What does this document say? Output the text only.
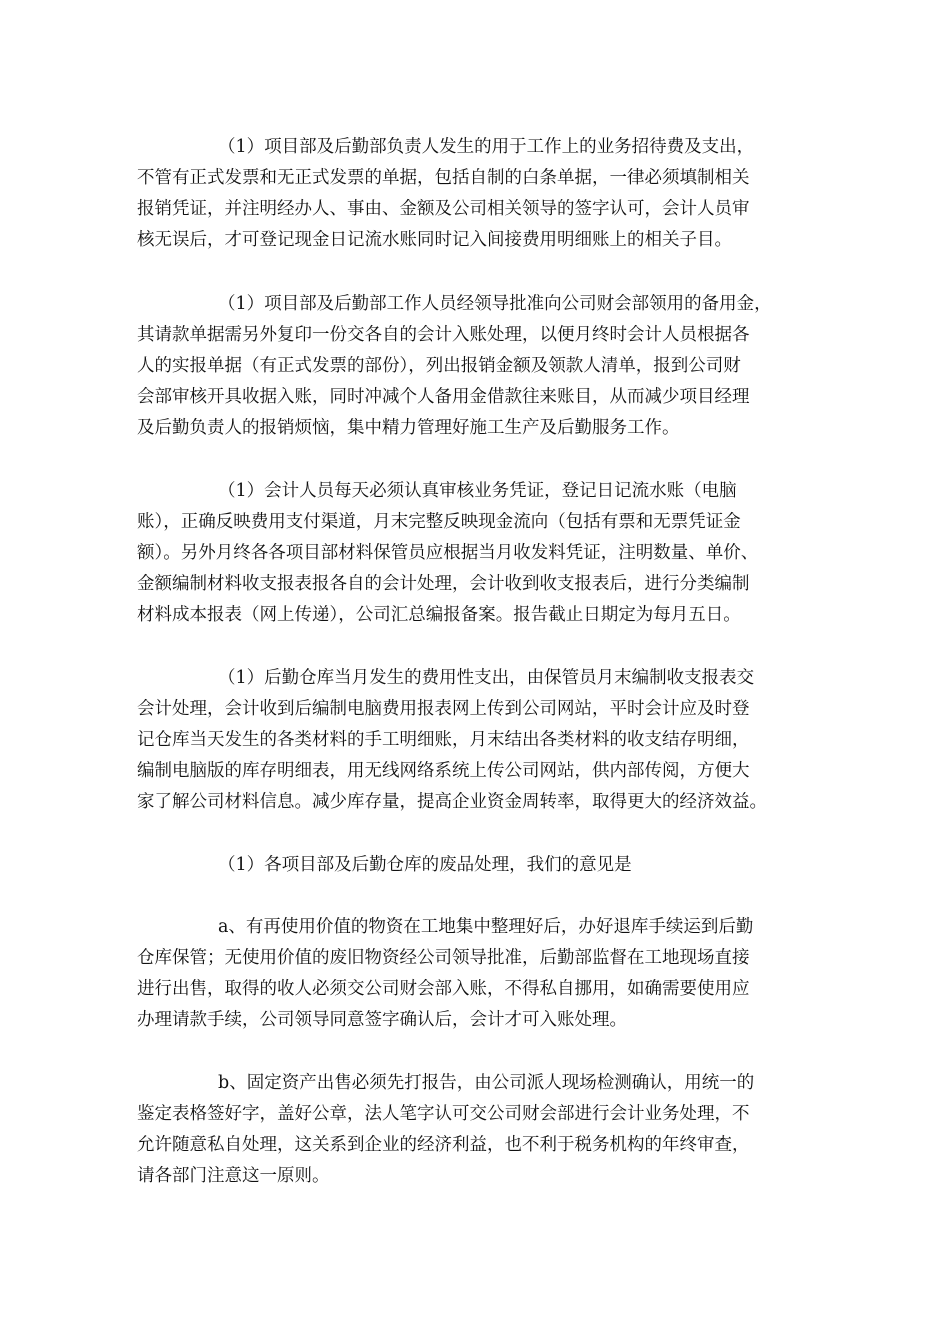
（1）项目部及后勤部负责人发生的用于工作上的业务招待费及支出，
不管有正式发票和无正式发票的单据，包括自制的白条单据，一律必须填制相关
报销凭证，并注明经办人、事由、金额及公司相关领导的签字认可，会计人员审
核无误后，才可登记现金日记流水账同时记入间接费用明细账上的相关子目。
（1）项目部及后勤部工作人员经领导批准向公司财会部领用的备用金，
其请款单据需另外复印一份交各自的会计入账处理，以便月终时会计人员根据各
人的实报单据（有正式发票的部份），列出报销金额及领款人清单，报到公司财
会部审核开具收据入账，同时冲减个人备用金借款往来账目，从而减少项目经理
及后勤负责人的报销烦恼，集中精力管理好施工生产及后勤服务工作。
（1）会计人员每天必须认真审核业务凭证，登记日记流水账（电脑
账），正确反映费用支付渠道，月末完整反映现金流向（包括有票和无票凭证金
额）。另外月终各各项目部材料保管员应根据当月收发料凭证，注明数量、单价、
金额编制材料收支报表报各自的会计处理，会计收到收支报表后，进行分类编制
材料成本报表（网上传递），公司汇总编报备案。报告截止日期定为每月五日。
（1）后勤仓库当月发生的费用性支出，由保管员月末编制收支报表交
会计处理，会计收到后编制电脑费用报表网上传到公司网站，平时会计应及时登
记仓库当天发生的各类材料的手工明细账，月末结出各类材料的收支结存明细，
编制电脑版的库存明细表，用无线网络系统上传公司网站，供内部传阅，方便大
家了解公司材料信息。减少库存量，提高企业资金周转率，取得更大的经济效益。
（1）各项目部及后勤仓库的废品处理，我们的意见是
a、有再使用价值的物资在工地集中整理好后，办好退库手续运到后勤
仓库保管；无使用价值的废旧物资经公司领导批准，后勤部监督在工地现场直接
进行出售，取得的收人必须交公司财会部入账，不得私自挪用，如确需要使用应
办理请款手续，公司领导同意签字确认后，会计才可入账处理。
b、固定资产出售必须先打报告，由公司派人现场检测确认，用统一的
鉴定表格签好字，盖好公章，法人笔字认可交公司财会部进行会计业务处理，不
允许随意私自处理，这关系到企业的经济利益，也不利于税务机构的年终审查，
请各部门注意这一原则。
